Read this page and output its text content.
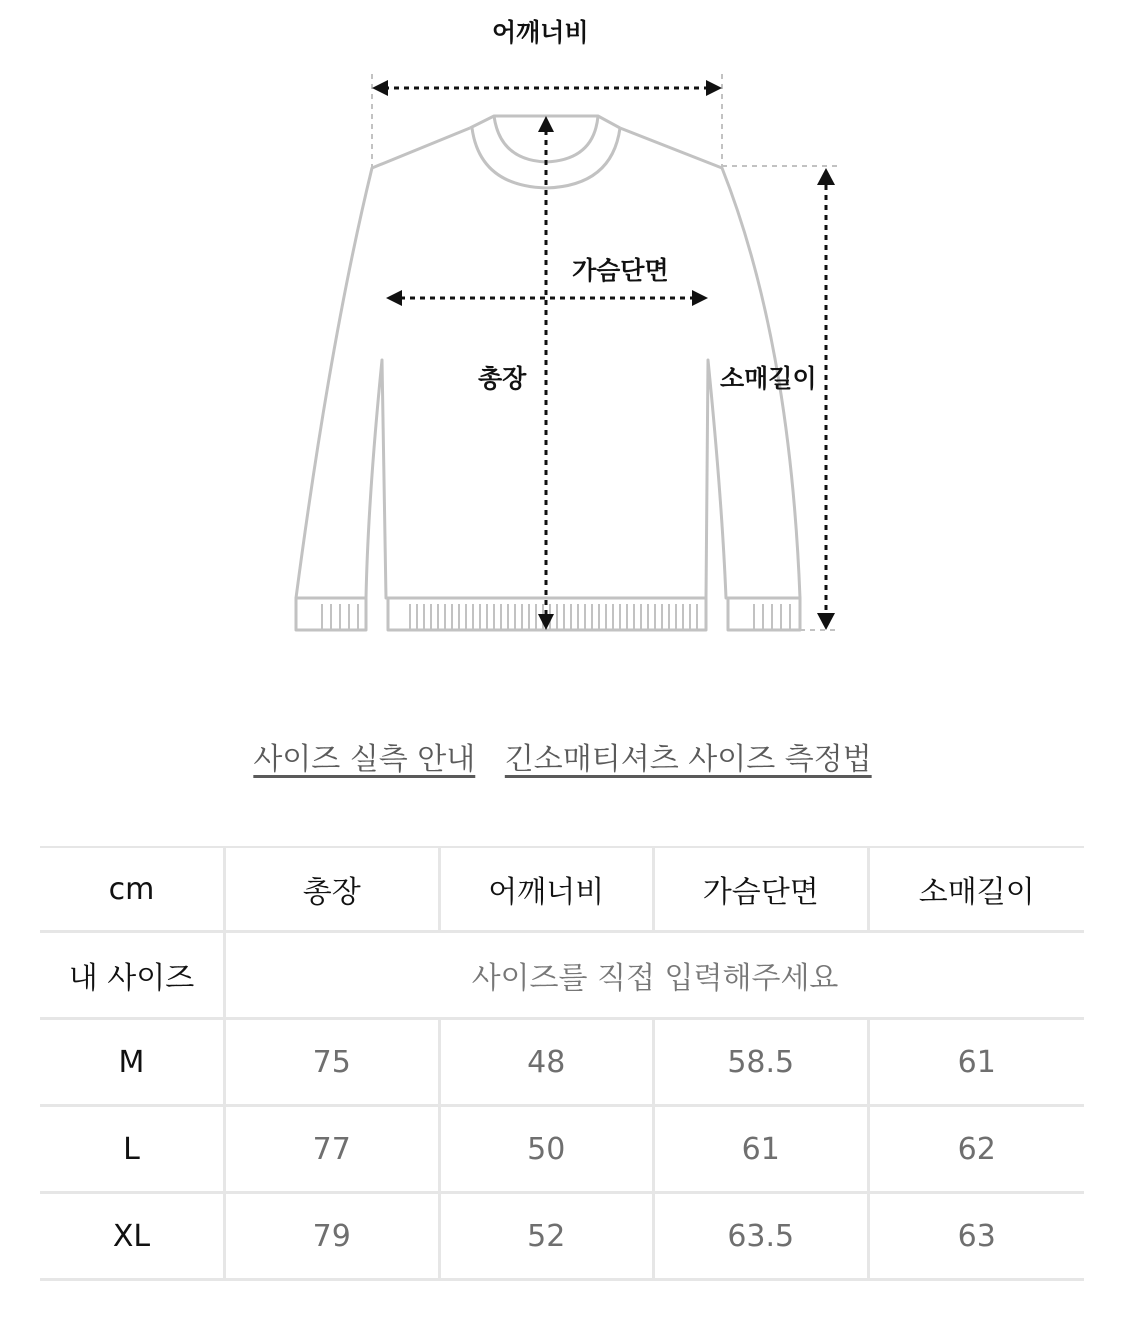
어깨너비
가슴단면
총장	소매길이
사이즈 실측 안내 긴소매티셔츠 사이즈 측정법
cm	총장	어깨너비	가슴단면	소매길이
내 사이즈	사이즈를 직접 입력해주세요
M	75	48	58.5	61
L	77	50	61	62
XL	79	52	63.5	63
